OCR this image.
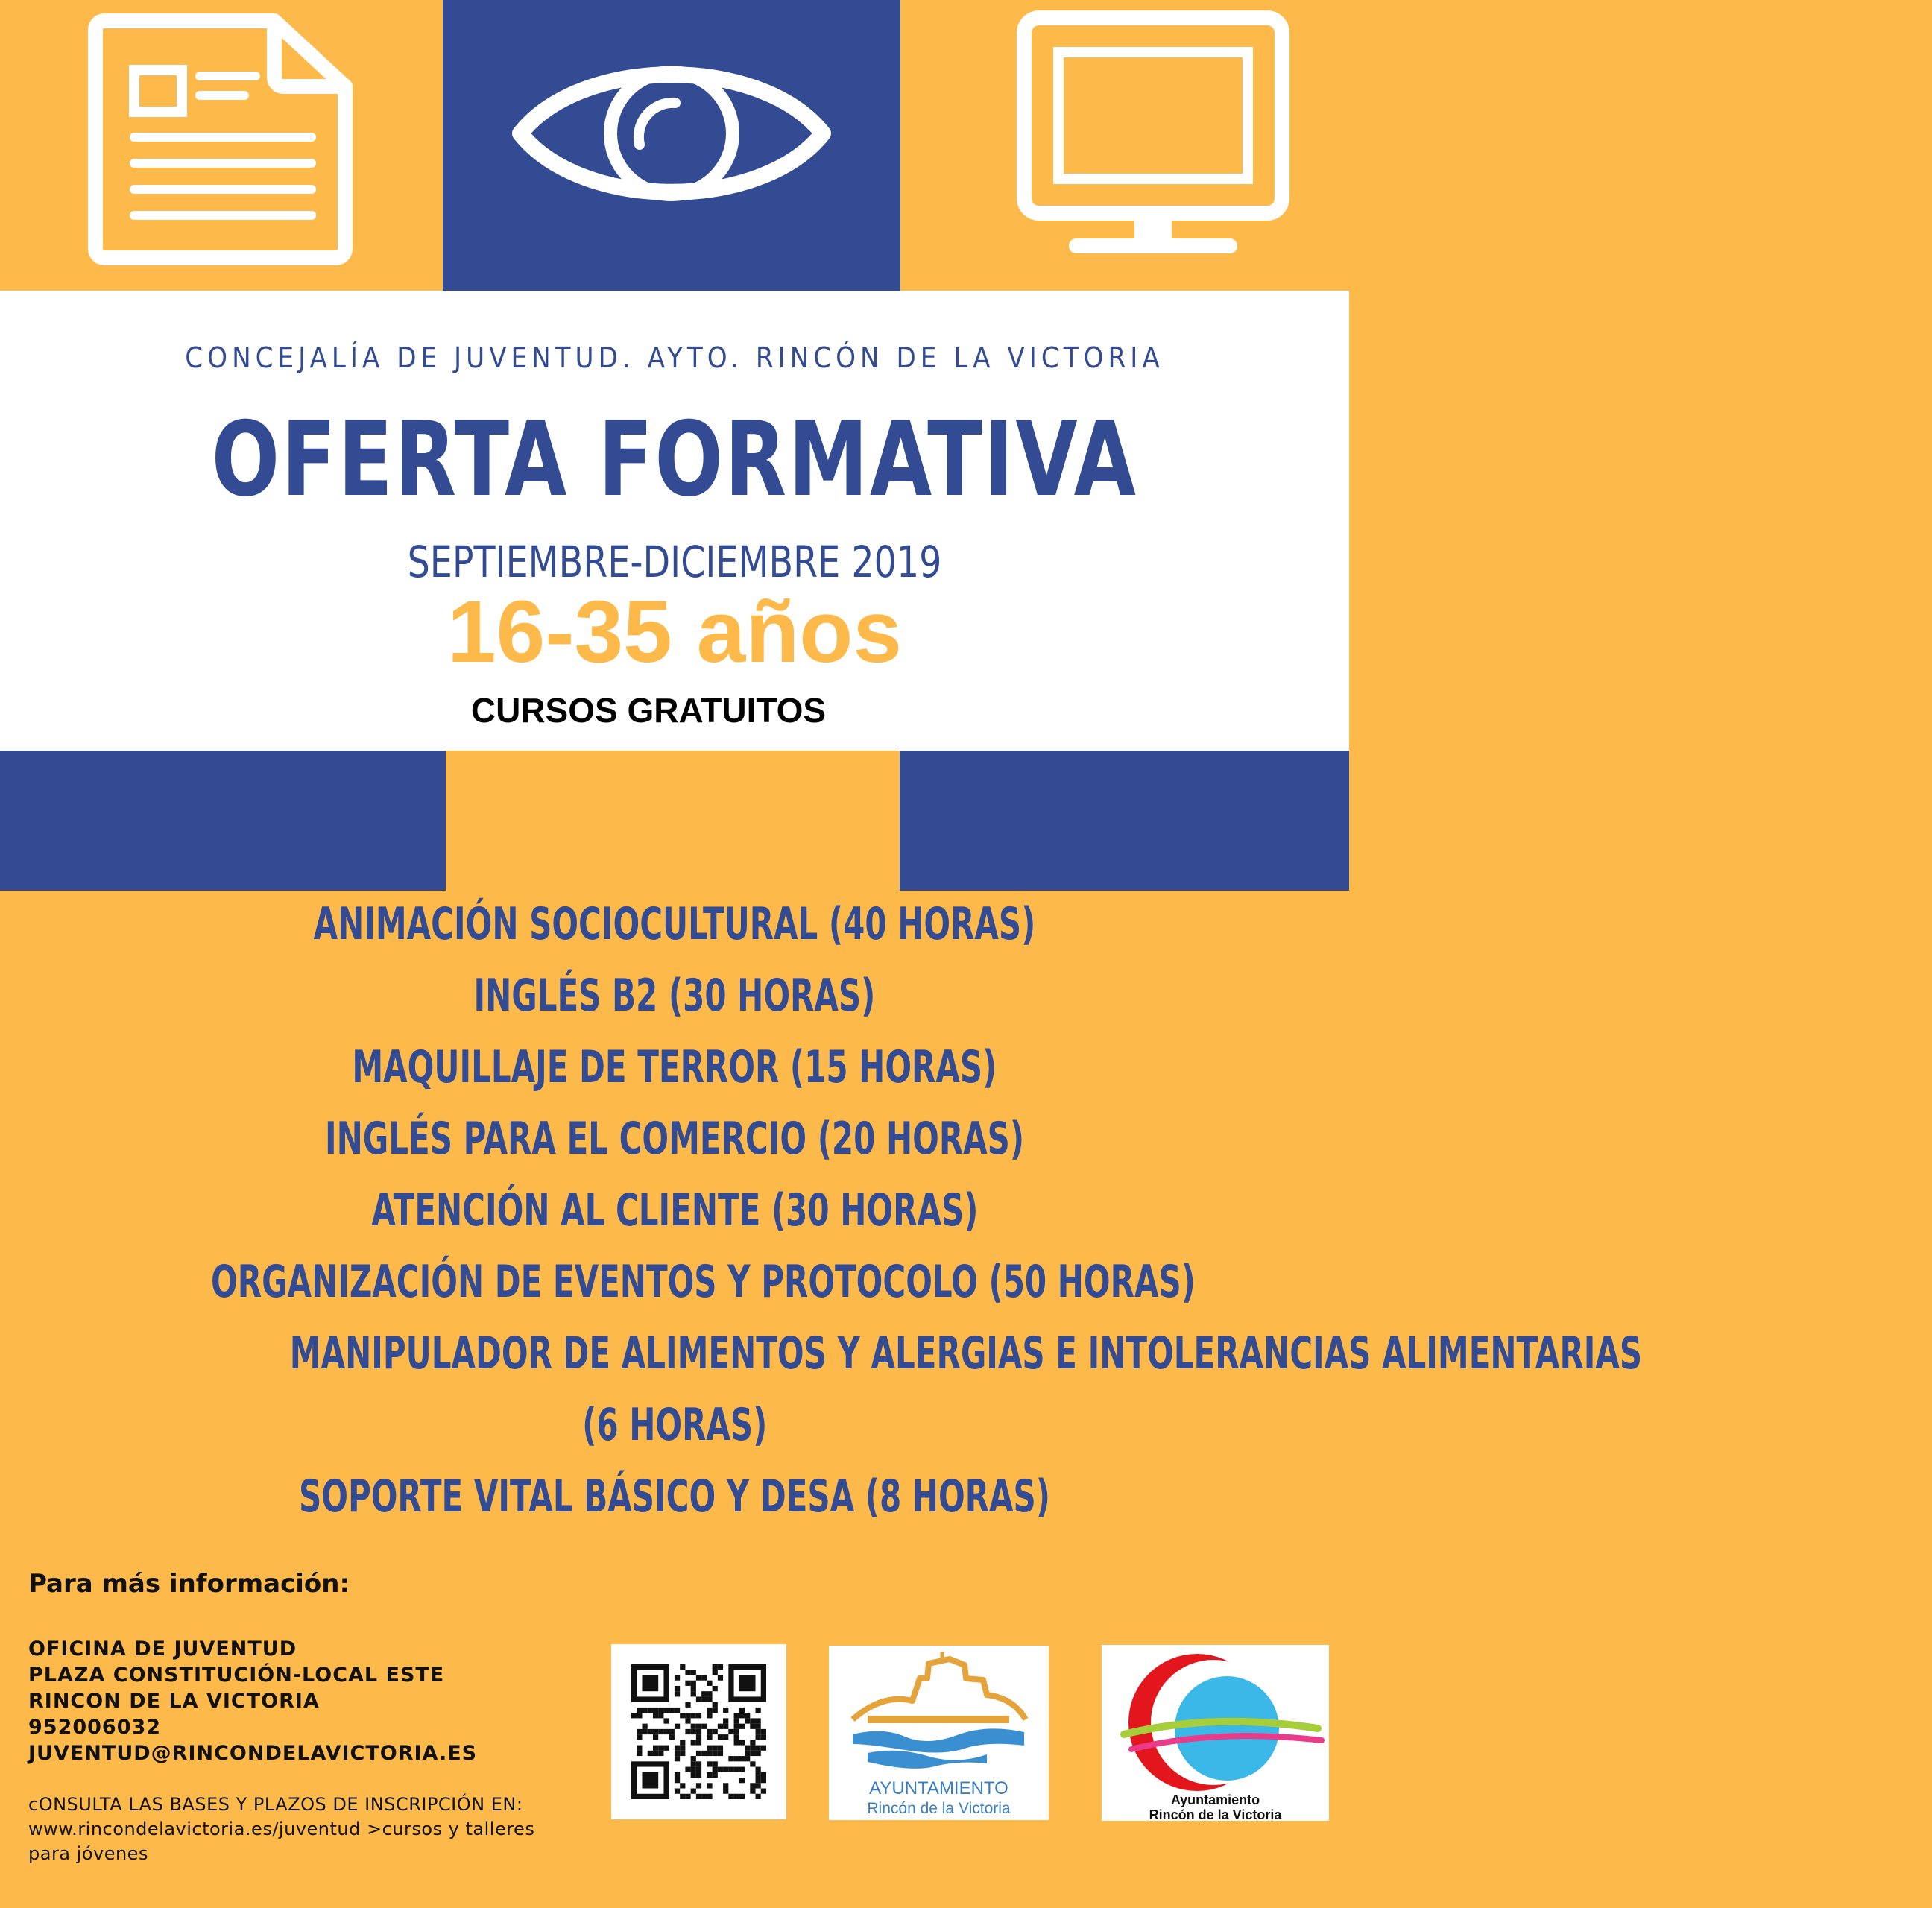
CONCEJALÍA DE JUVENTUD. AYTO. RINCÓN DE LA VICTORIA
OFERTA FORMATIVA
SEPTIEMBRE-DICIEMBRE 2019
16-35 años
CURSOS GRATUITOS
ANIMACIÓN SOCIOCULTURAL (40 HORAS)
INGLÉS B2 (30 HORAS)
MAQUILLAJE DE TERROR (15 HORAS)
INGLÉS PARA EL COMERCIO (20 HORAS)
ATENCIÓN AL CLIENTE (30 HORAS)
ORGANIZACIÓN DE EVENTOS Y PROTOCOLO (50 HORAS)
MANIPULADOR DE ALIMENTOS Y ALERGIAS E INTOLERANCIAS ALIMENTARIAS
(6 HORAS)
SOPORTE VITAL BÁSICO Y DESA (8 HORAS)
Para más información:
OFICINA DE JUVENTUD
PLAZA CONSTITUCIÓN-LOCAL ESTE
RINCON DE LA VICTORIA
952006032
JUVENTUD@RINCONDELAVICTORIA.ES
cONSULTA LAS BASES Y PLAZOS DE INSCRIPCIÓN EN:
www.rincondelavictoria.es/juventud >cursos y talleres
para jóvenes
AYUNTAMIENTO
Rincón de la Victoria	Ayuntamiento
Rincón de la Victoria
